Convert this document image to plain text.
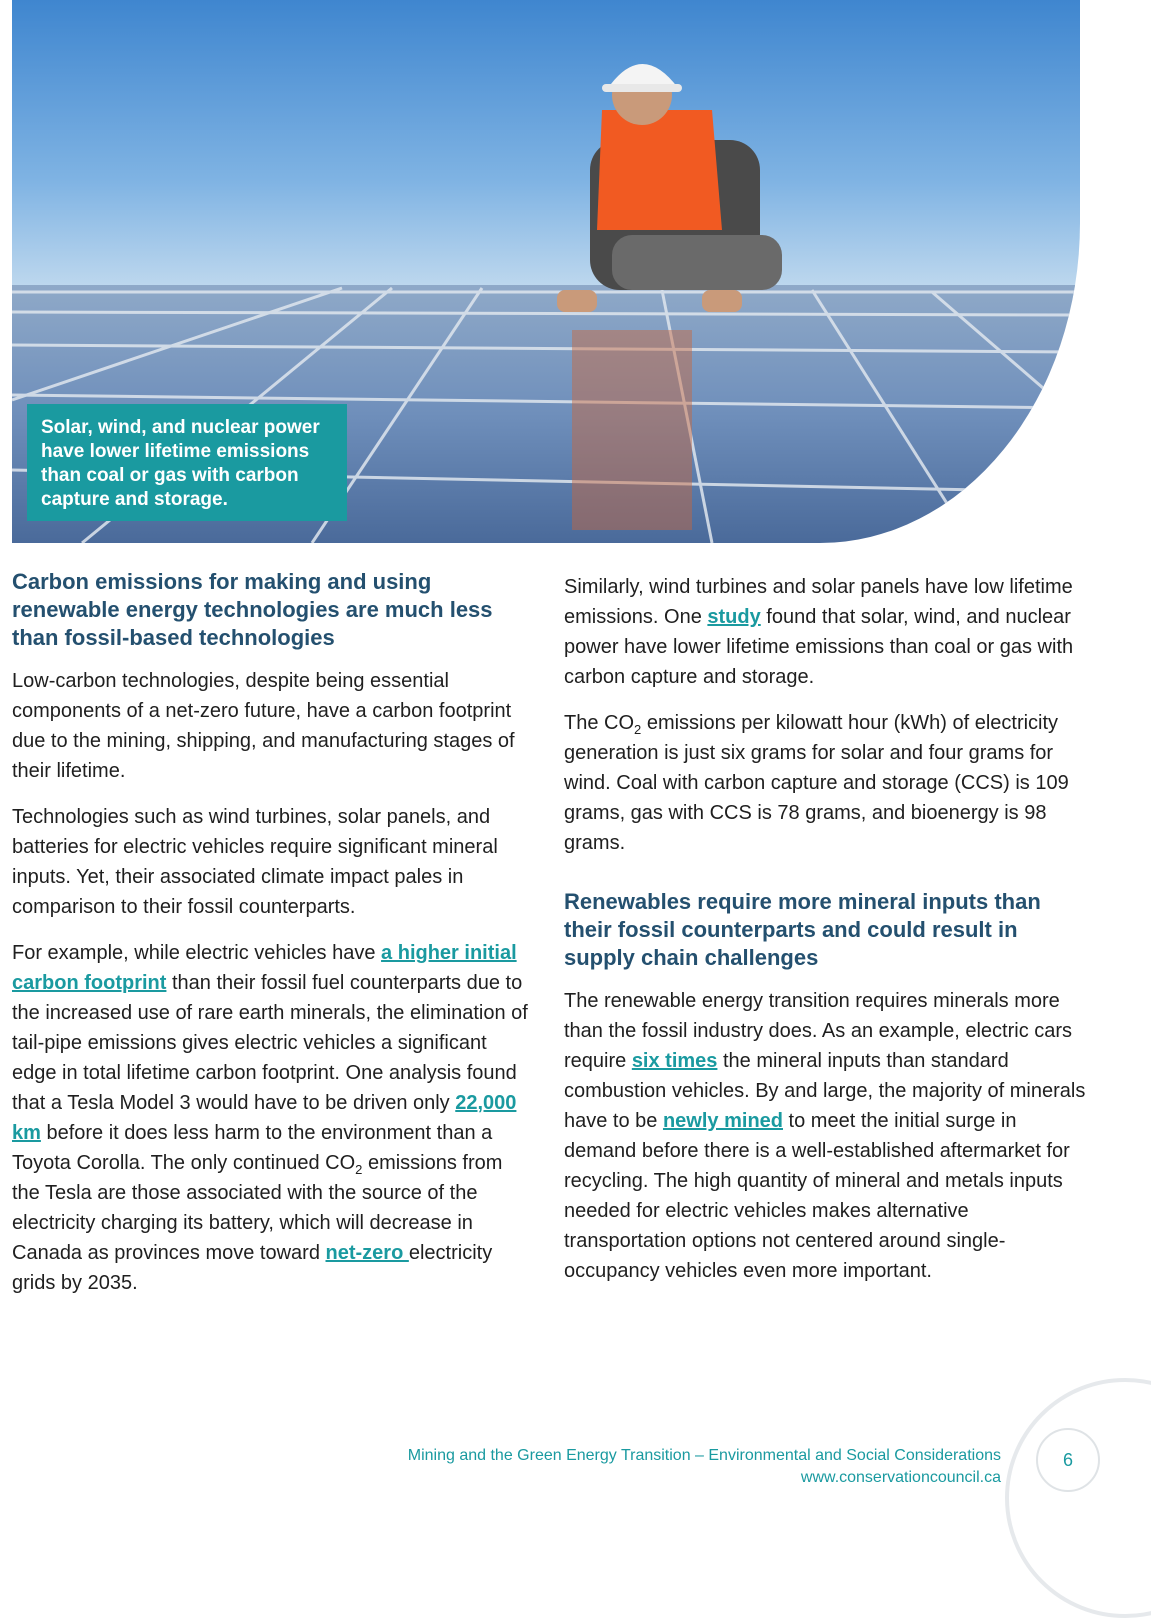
Solar, wind, and nuclear power have lower lifetime emissions than coal or gas with carbon capture and storage.

Carbon emissions for making and using renewable energy technologies are much less than fossil-based technologies

Low-carbon technologies, despite being essential components of a net-zero future, have a carbon footprint due to the mining, shipping, and manufacturing stages of their lifetime.

Technologies such as wind turbines, solar panels, and batteries for electric vehicles require significant mineral inputs. Yet, their associated climate impact pales in comparison to their fossil counterparts.

For example, while electric vehicles have a higher initial carbon footprint than their fossil fuel counterparts due to the increased use of rare earth minerals, the elimination of tail-pipe emissions gives electric vehicles a significant edge in total lifetime carbon footprint. One analysis found that a Tesla Model 3 would have to be driven only 22,000 km before it does less harm to the environment than a Toyota Corolla. The only continued $CO_2$ emissions from the Tesla are those associated with the source of the electricity charging its battery, which will decrease in Canada as provinces move toward net-zero electricity grids by 2035.

Similarly, wind turbines and solar panels have low lifetime emissions. One study found that solar, wind, and nuclear power have lower lifetime emissions than coal or gas with carbon capture and storage.

The $CO_2$ emissions per kilowatt hour (kWh) of electricity generation is just six grams for solar and four grams for wind. Coal with carbon capture and storage (CCS) is 109 grams, gas with CCS is 78 grams, and bioenergy is 98 grams.

Renewables require more mineral inputs than their fossil counterparts and could result in supply chain challenges

The renewable energy transition requires minerals more than the fossil industry does. As an example, electric cars require six times the mineral inputs than standard combustion vehicles. By and large, the majority of minerals have to be newly mined to meet the initial surge in demand before there is a well-established aftermarket for recycling. The high quantity of mineral and metals inputs needed for electric vehicles makes alternative transportation options not centered around single-occupancy vehicles even more important.

Mining and the Green Energy Transition – Environmental and Social Considerations
www.conservationcouncil.ca
6
